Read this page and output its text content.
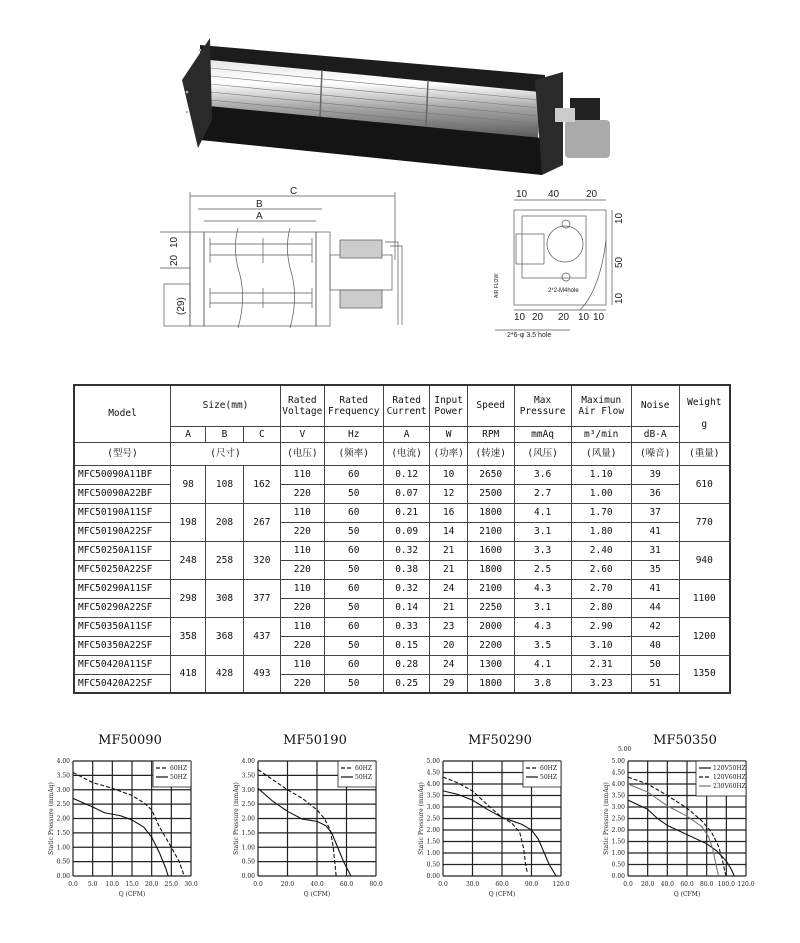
C
B
A
10
20
(29)
10 40	20
10
50
10
10 20 20 10 10
AIR FLOW	2*2-M4hole
2*6-φ 3.5 hole
Model	Size(mm)			Rated Voltage	Rated Frequency	Rated Current	Input Power	Speed	Max Pressure	Maximun Air Flow	Noise	Weight

g
	A	B	C	V	Hz	A	W	RPM	mmAq	m³/min	dB-A	
(型号)	(尺寸)			(电压)	(频率)	(电流)	(功率)	(转速)	(风压)	(风量)	(噪音)	(重量)
MFC50090A11BF	98	108	162	110	60	0.12	10	2650	3.6	1.10	39	610
MFC50090A22BF				220	50	0.07	12	2500	2.7	1.00	36	
MFC50190A11SF	198	208	267	110	60	0.21	16	1800	4.1	1.70	37	770
MFC50190A22SF				220	50	0.09	14	2100	3.1	1.80	41	
MFC50250A11SF	248	258	320	110	60	0.32	21	1600	3.3	2.40	31	940
MFC50250A22SF				220	50	0.38	21	1800	2.5	2.60	35	
MFC50290A11SF	298	308	377	110	60	0.32	24	2100	4.3	2.70	41	1100
MFC50290A22SF				220	50	0.14	21	2250	3.1	2.80	44	
MFC50350A11SF	358	368	437	110	60	0.33	23	2000	4.3	2.90	42	1200
MFC50350A22SF				220	50	0.15	20	2200	3.5	3.10	40	
MFC50420A11SF	418	428	493	110	60	0.28	24	1300	4.1	2.31	50	1350
MFC50420A22SF				220	50	0.25	29	1800	3.8	3.23	51	
MF50090
0.00
0.50
1.00
1.50
2.00
2.50
3.00
3.50
4.00
0.0 5.0 10.0 15.0 20.0 25.0 30.0
Q (CFM)
Static Pressure (mmAq)
60HZ
50HZ
MF50190
0.00
0.50
1.00
1.50
2.00
2.50
3.00
3.50
4.00
0.0	20.0	40.0	60.0	80.0
Q (CFM)
Static Pressure (mmAq)
60HZ
50HZ
MF50290
0.00
0.50
1.00
1.50
2.00
2.50
3.00
3.50
4.00
4.50
5.00
0.0	30.0	60.0	90.0 120.0
Q (CFM)
Static Pressure (mmAq)
60HZ
50HZ
MF50350
0.00
0.50
1.00
1.50
2.00
2.50
3.00
3.50
4.00
4.50
5.00
0.0 20.0 40.0 60.0 80.0 100.0 120.0
Q (CFM)
Static Pressure (mmAq)
120V50HZ
120V60HZ
230V60HZ
5.00
